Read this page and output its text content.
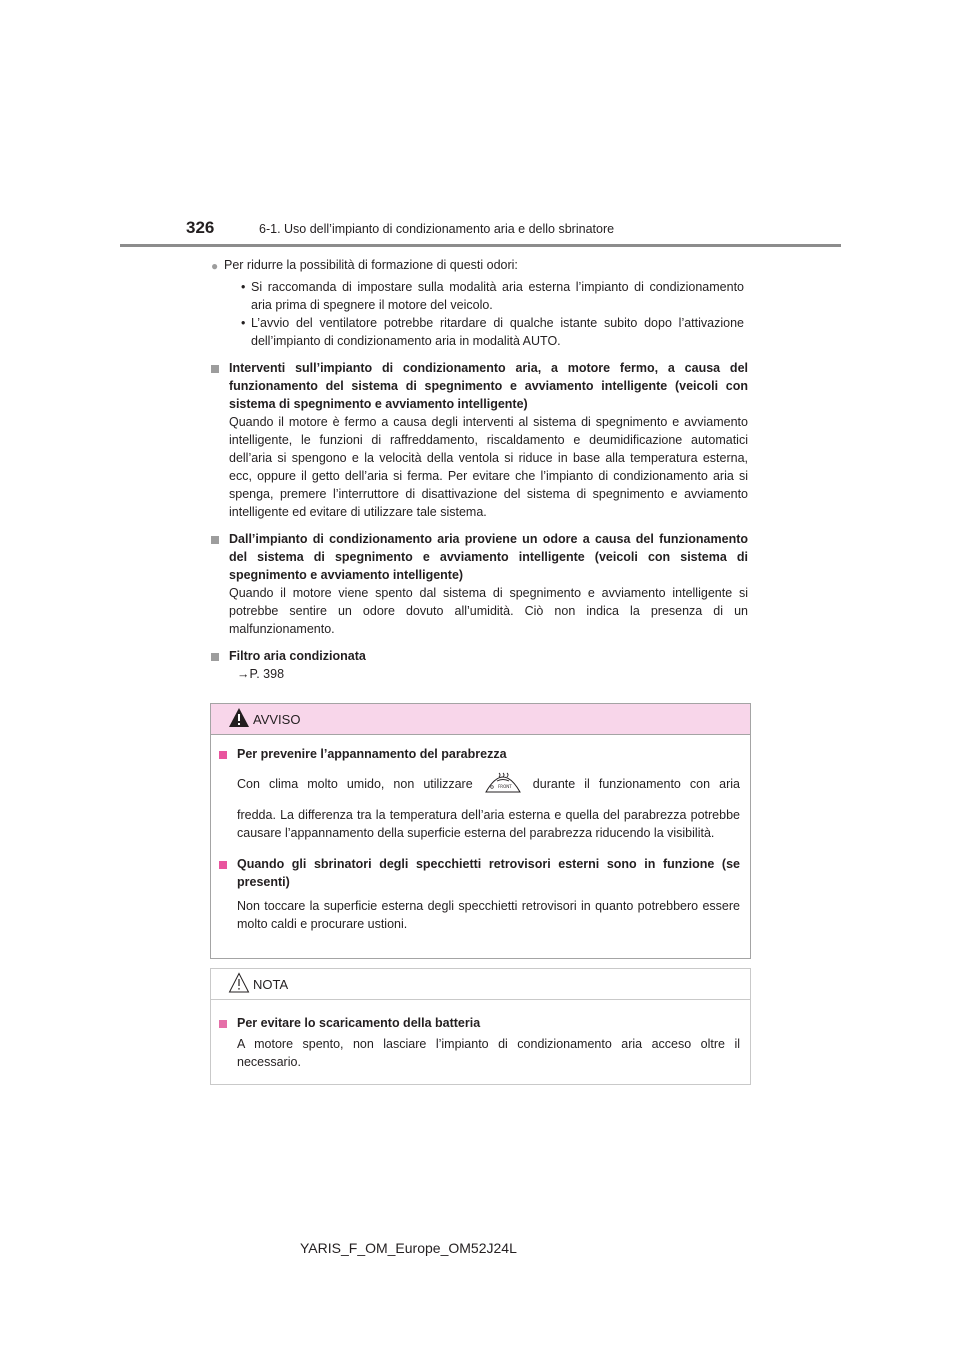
326	6-1. Uso dell’impianto di condizionamento aria e dello sbrinatore
● Per ridurre la possibilità di formazione di questi odori:

• Si raccomanda di impostare sulla modalità aria esterna l’impianto di condizionamento aria prima di spegnere il motore del veicolo.

• L’avvio del ventilatore potrebbe ritardare di qualche istante subito dopo l’attivazione dell’impianto di condizionamento aria in modalità AUTO.

Interventi sull’impianto di condizionamento aria, a motore fermo, a causa del funzionamento del sistema di spegnimento e avviamento intelligente (veicoli con sistema di spegnimento e avviamento intelligente)

Quando il motore è fermo a causa degli interventi al sistema di spegnimento e avviamento intelligente, le funzioni di raffreddamento, riscaldamento e deumidificazione automatici dell’aria si spengono e la velocità della ventola si riduce in base alla temperatura esterna, ecc, oppure il getto dell’aria si ferma. Per evitare che l’impianto di condizionamento aria si spenga, premere l’interruttore di disattivazione del sistema di spegnimento e avviamento intelligente ed evitare di utilizzare tale sistema.

Dall’impianto di condizionamento aria proviene un odore a causa del funzionamento del sistema di spegnimento e avviamento intelligente (veicoli con sistema di spegnimento e avviamento intelligente)

Quando il motore viene spento dal sistema di spegnimento e avviamento intelligente si potrebbe sentire un odore dovuto all’umidità. Ciò non indica la presenza di un malfunzionamento.

Filtro aria condizionata

→P. 398

AVVISO
Per prevenire l’appannamento del parabrezza

Con clima molto umido, non utilizzare	FRONT durante il funzionamento con aria

fredda. La differenza tra la temperatura dell’aria esterna e quella del parabrezza potrebbe causare l’appannamento della superficie esterna del parabrezza riducendo la visibilità.

Quando gli sbrinatori degli specchietti retrovisori esterni sono in funzione (se presenti)

Non toccare la superficie esterna degli specchietti retrovisori in quanto potrebbero essere molto caldi e procurare ustioni.

NOTA
Per evitare lo scaricamento della batteria

A motore spento, non lasciare l’impianto di condizionamento aria acceso oltre il necessario.

YARIS_F_OM_Europe_OM52J24L
